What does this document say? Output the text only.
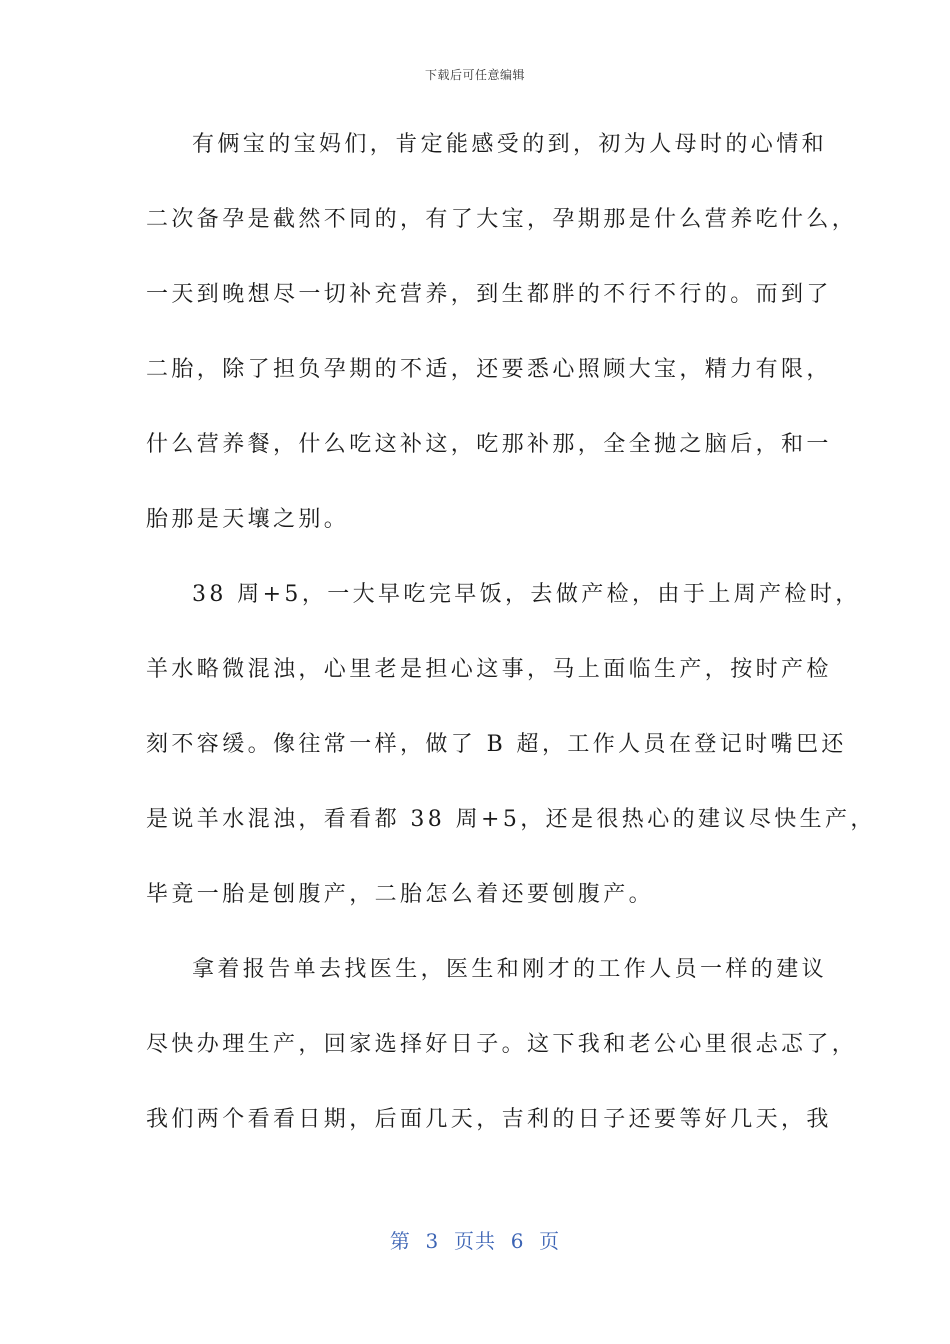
下载后可任意编辑
有俩宝的宝妈们，肯定能感受的到，初为人母时的心情和
二次备孕是截然不同的，有了大宝，孕期那是什么营养吃什么，
一天到晚想尽一切补充营养，到生都胖的不行不行的。而到了
二胎，除了担负孕期的不适，还要悉心照顾大宝，精力有限，
什么营养餐，什么吃这补这，吃那补那，全全抛之脑后，和一
胎那是天壤之别。
38 周+5，一大早吃完早饭，去做产检，由于上周产检时，
羊水略微混浊，心里老是担心这事，马上面临生产，按时产检
刻不容缓。像往常一样，做了 B 超，工作人员在登记时嘴巴还
是说羊水混浊，看看都 38 周+5，还是很热心的建议尽快生产，
毕竟一胎是刨腹产，二胎怎么着还要刨腹产。
拿着报告单去找医生，医生和刚才的工作人员一样的建议
尽快办理生产，回家选择好日子。这下我和老公心里很忐忑了，
我们两个看看日期，后面几天，吉利的日子还要等好几天，我
第  3  页共  6  页
